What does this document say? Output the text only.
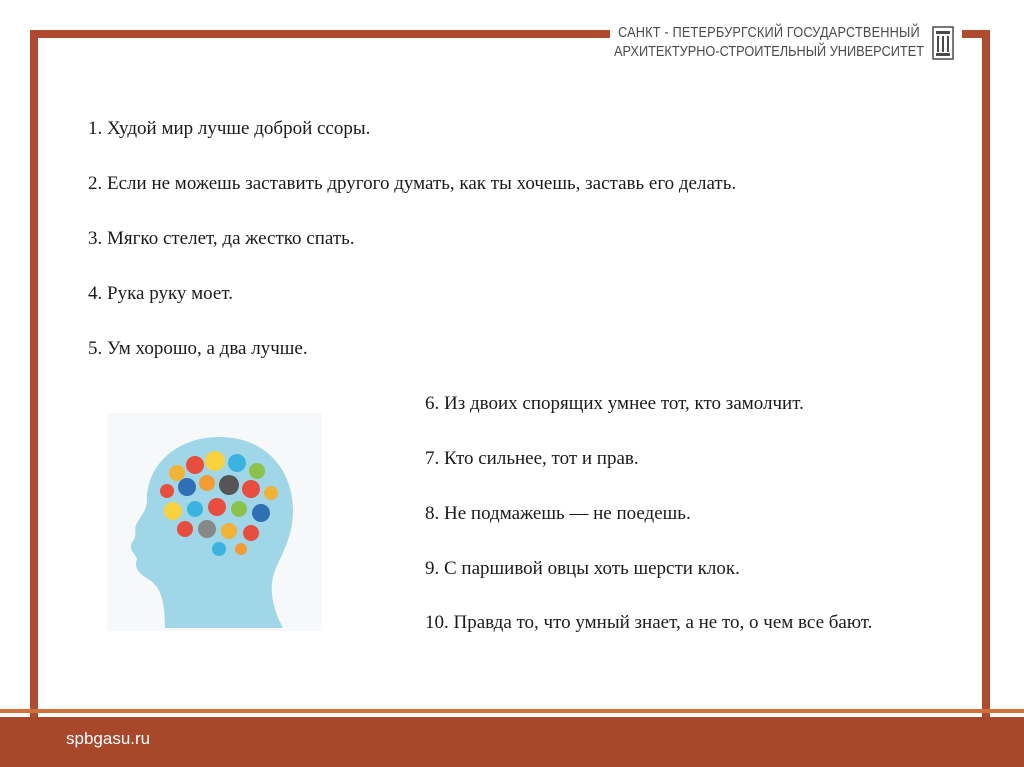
САНКТ - ПЕТЕРБУРГСКИЙ ГОСУДАРСТВЕННЫЙ
АРХИТЕКТУРНО-СТРОИТЕЛЬНЫЙ УНИВЕРСИТЕТ
1. Худой мир лучше доброй ссоры.
2. Если не можешь заставить другого думать, как ты хочешь, заставь его делать.
3. Мягко стелет, да жестко спать.
4. Рука руку моет.
5. Ум хорошо, а два лучше.
6. Из двоих спорящих умнее тот, кто замолчит.
7. Кто сильнее, тот и прав.
8. Не подмажешь — не поедешь.
9. С паршивой овцы хоть шерсти клок.
10. Правда то, что умный знает, а не то, о чем все бают.
spbgasu.ru
